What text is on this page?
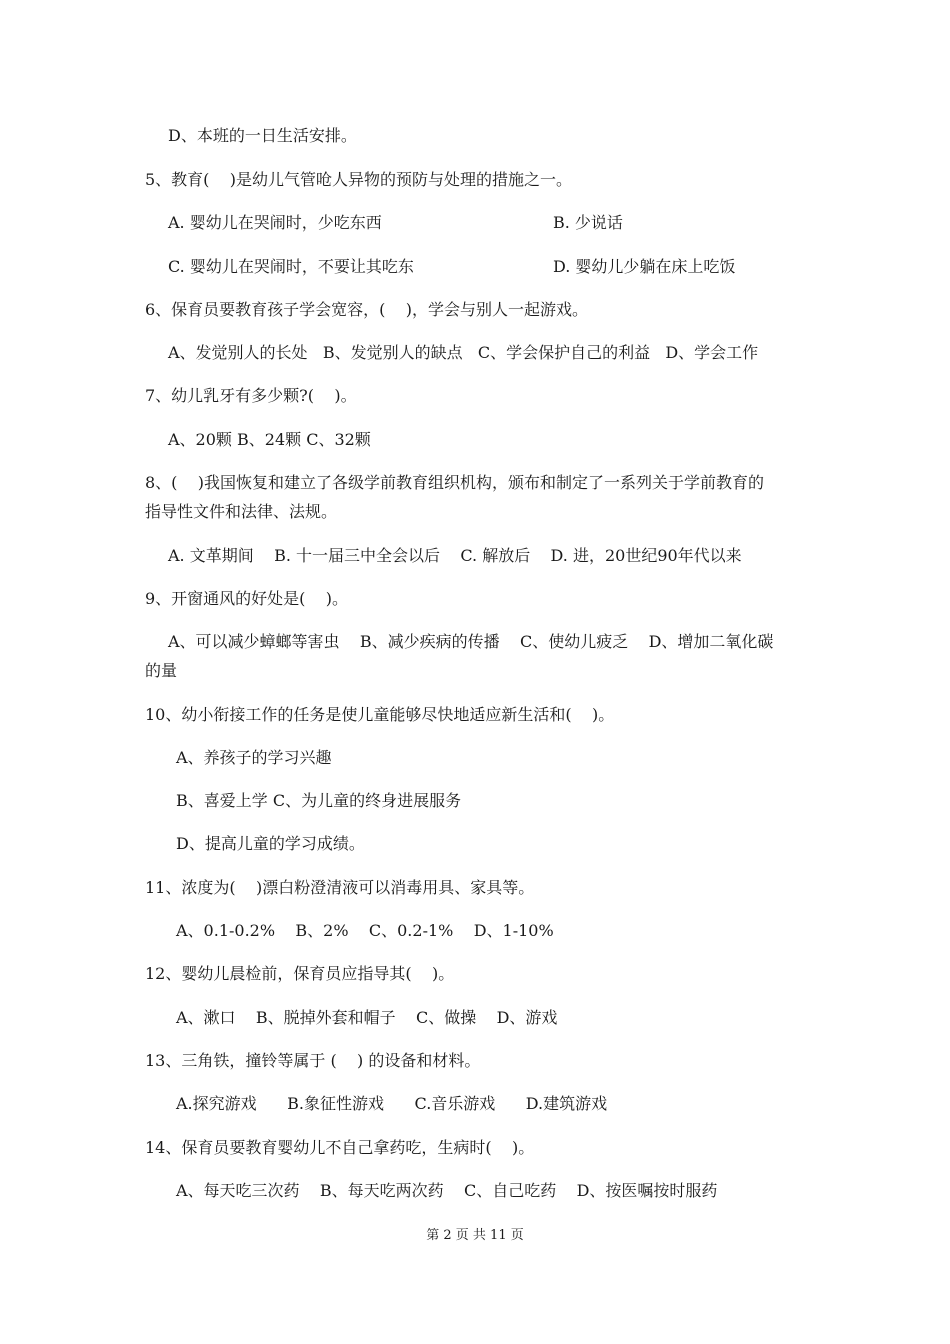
D、本班的一日生活安排。
5、教育(    )是幼儿气管呛人异物的预防与处理的措施之一。
A. 婴幼儿在哭闹时，少吃东西	B. 少说话
C. 婴幼儿在哭闹时，不要让其吃东	D. 婴幼儿少躺在床上吃饭
6、保育员要教育孩子学会宽容，(    )，学会与别人一起游戏。
A、发觉别人的长处   B、发觉别人的缺点   C、学会保护自己的利益   D、学会工作
7、幼儿乳牙有多少颗?(    )。
A、20颗 B、24颗 C、32颗
8、(    )我国恢复和建立了各级学前教育组织机构，颁布和制定了一系列关于学前教育的
指导性文件和法律、法规。
A. 文革期间    B. 十一届三中全会以后    C. 解放后    D. 进，20世纪90年代以来
9、开窗通风的好处是(    )。
A、可以减少蟑螂等害虫    B、减少疾病的传播    C、使幼儿疲乏    D、增加二氧化碳
的量
10、幼小衔接工作的任务是使儿童能够尽快地适应新生活和(    )。
A、养孩子的学习兴趣
B、喜爱上学 C、为儿童的终身进展服务
D、提高儿童的学习成绩。
11、浓度为(    )漂白粉澄清液可以消毒用具、家具等。
A、0.1-0.2%    B、2%    C、0.2-1%    D、1-10%
12、婴幼儿晨检前，保育员应指导其(    )。
A、漱口    B、脱掉外套和帽子    C、做操    D、游戏
13、三角铁，撞铃等属于 (    ) 的设备和材料。
A.探究游戏      B.象征性游戏      C.音乐游戏      D.建筑游戏
14、保育员要教育婴幼儿不自己拿药吃，生病时(    )。
A、每天吃三次药    B、每天吃两次药    C、自己吃药    D、按医嘱按时服药
第 2 页 共 11 页
